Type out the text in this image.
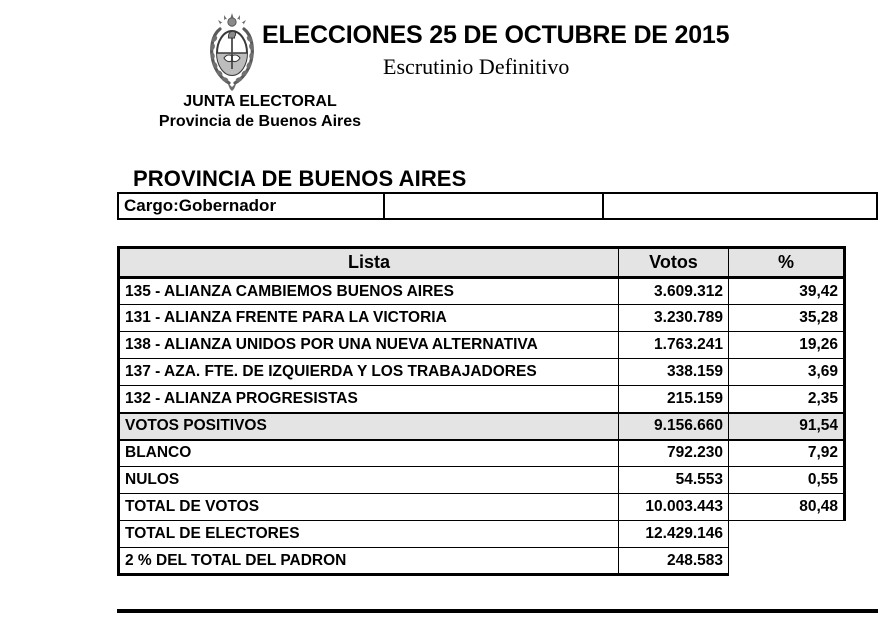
ELECCIONES 25 DE OCTUBRE DE 2015
Escrutinio Definitivo
JUNTA ELECTORAL
Provincia de Buenos Aires
PROVINCIA DE BUENOS AIRES
Cargo:Gobernador
Lista	Votos	%
135 - ALIANZA CAMBIEMOS BUENOS AIRES	3.609.312	39,42
131 - ALIANZA FRENTE PARA LA VICTORIA	3.230.789	35,28
138 - ALIANZA UNIDOS POR UNA NUEVA ALTERNATIVA	1.763.241	19,26
137 - AZA. FTE. DE IZQUIERDA Y LOS TRABAJADORES	338.159	3,69
132 - ALIANZA PROGRESISTAS	215.159	2,35
VOTOS POSITIVOS	9.156.660	91,54
BLANCO	792.230	7,92
NULOS	54.553	0,55
TOTAL DE VOTOS	10.003.443	80,48
TOTAL DE ELECTORES	12.429.146	
2 % DEL TOTAL DEL PADRON	248.583	
